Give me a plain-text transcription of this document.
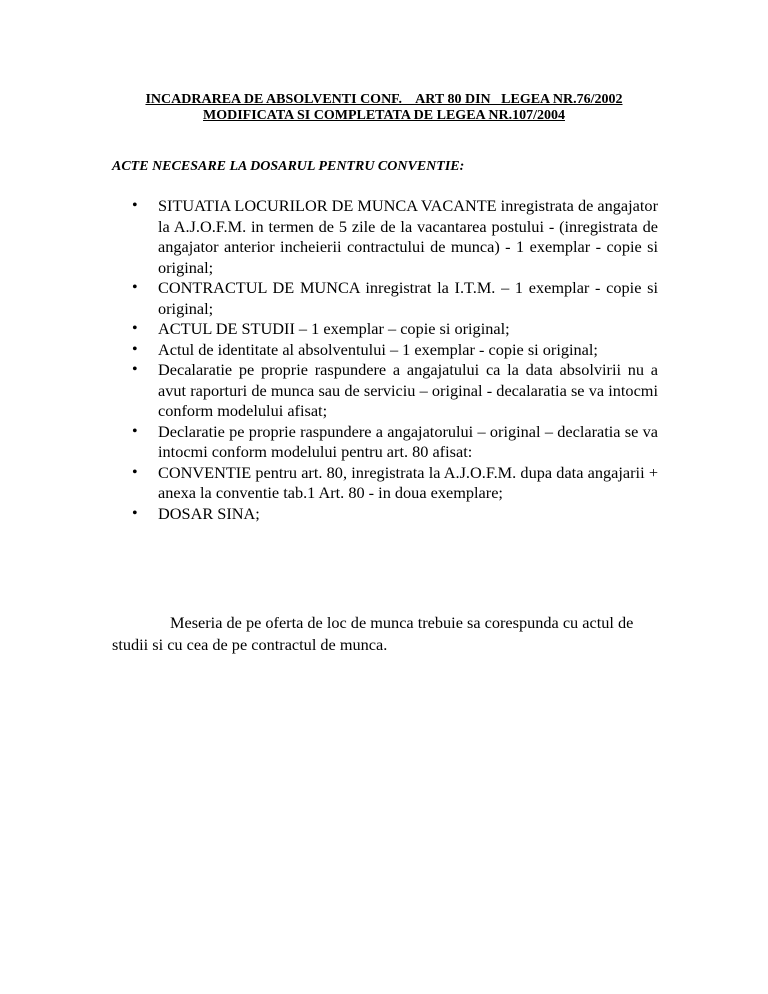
INCADRAREA DE ABSOLVENTI CONF.    ART 80 DIN   LEGEA NR.76/2002
MODIFICATA SI COMPLETATA DE LEGEA NR.107/2004
ACTE NECESARE LA DOSARUL PENTRU CONVENTIE:
• SITUATIA LOCURILOR DE MUNCA VACANTE inregistrata de angajator la A.J.O.F.M. in termen de 5 zile de la vacantarea postului - (inregistrata de angajator anterior incheierii contractului de munca) - 1 exemplar - copie si original;
• CONTRACTUL DE MUNCA inregistrat la I.T.M. – 1 exemplar - copie si original;
• ACTUL DE STUDII – 1 exemplar – copie si original;
• Actul de identitate al absolventului – 1 exemplar - copie si original;
• Decalaratie pe proprie raspundere a angajatului ca la data absolvirii nu a avut raporturi de munca sau de serviciu – original - decalaratia se va intocmi conform modelului afisat;
• Declaratie pe proprie raspundere a angajatorului – original – declaratia se va intocmi conform modelului pentru art. 80 afisat:
• CONVENTIE pentru art. 80, inregistrata la A.J.O.F.M. dupa data angajarii + anexa la conventie tab.1 Art. 80 - in doua exemplare;
• DOSAR SINA;
Meseria de pe oferta de loc de munca trebuie sa corespunda cu actul de studii si cu cea de pe contractul de munca.
